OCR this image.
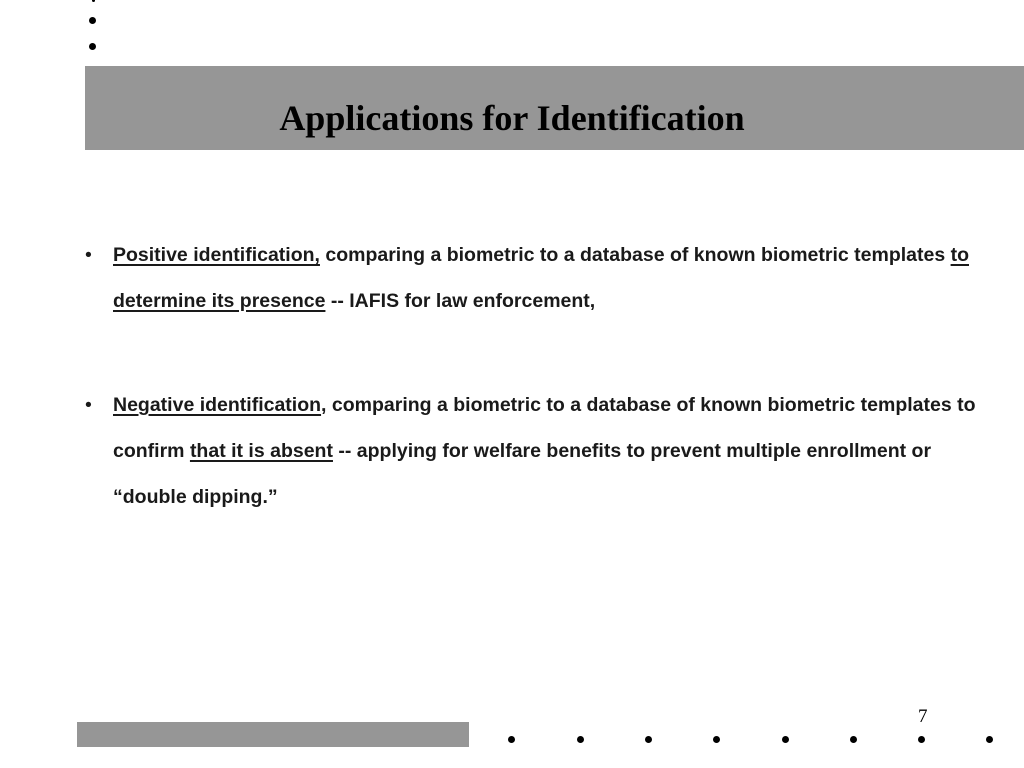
Applications for Identification
• Positive identification, comparing a biometric to a database of known biometric templates to determine its presence -- IAFIS for law enforcement,
• Negative identification, comparing a biometric to a database of known biometric templates to confirm that it is absent -- applying for welfare benefits to prevent multiple enrollment or “double dipping.”
7
